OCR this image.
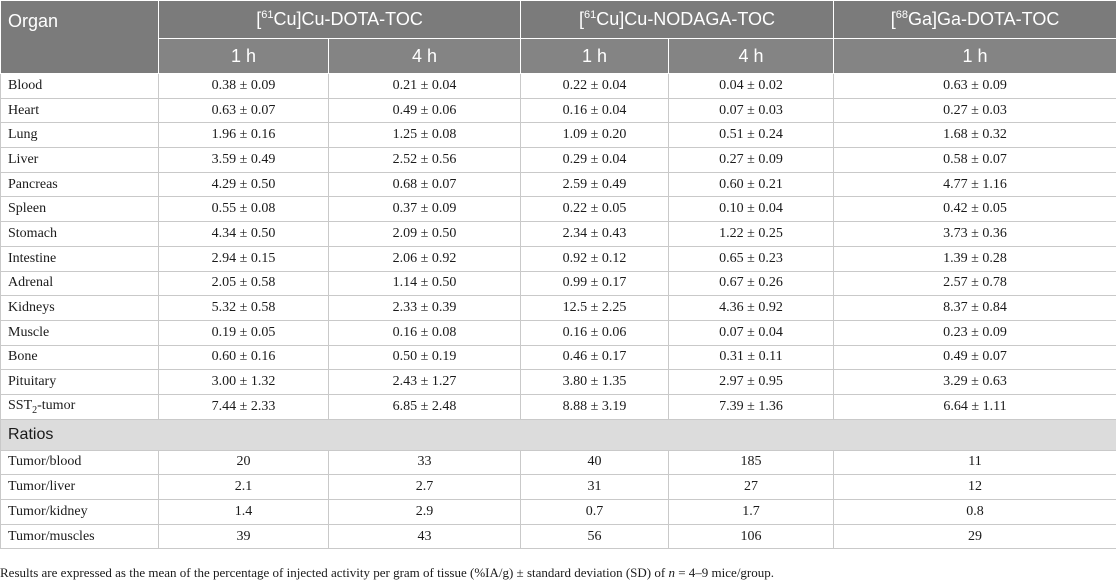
Organ	[$^{61}$Cu]Cu-DOTA-TOC		[$^{61}$Cu]Cu-NODAGA-TOC		[$^{68}$Ga]Ga-DOTA-TOC
	1 h	4 h	1 h	4 h	1 h
Blood	0.38 ± 0.09	0.21 ± 0.04	0.22 ± 0.04	0.04 ± 0.02	0.63 ± 0.09
Heart	0.63 ± 0.07	0.49 ± 0.06	0.16 ± 0.04	0.07 ± 0.03	0.27 ± 0.03
Lung	1.96 ± 0.16	1.25 ± 0.08	1.09 ± 0.20	0.51 ± 0.24	1.68 ± 0.32
Liver	3.59 ± 0.49	2.52 ± 0.56	0.29 ± 0.04	0.27 ± 0.09	0.58 ± 0.07
Pancreas	4.29 ± 0.50	0.68 ± 0.07	2.59 ± 0.49	0.60 ± 0.21	4.77 ± 1.16
Spleen	0.55 ± 0.08	0.37 ± 0.09	0.22 ± 0.05	0.10 ± 0.04	0.42 ± 0.05
Stomach	4.34 ± 0.50	2.09 ± 0.50	2.34 ± 0.43	1.22 ± 0.25	3.73 ± 0.36
Intestine	2.94 ± 0.15	2.06 ± 0.92	0.92 ± 0.12	0.65 ± 0.23	1.39 ± 0.28
Adrenal	2.05 ± 0.58	1.14 ± 0.50	0.99 ± 0.17	0.67 ± 0.26	2.57 ± 0.78
Kidneys	5.32 ± 0.58	2.33 ± 0.39	12.5 ± 2.25	4.36 ± 0.92	8.37 ± 0.84
Muscle	0.19 ± 0.05	0.16 ± 0.08	0.16 ± 0.06	0.07 ± 0.04	0.23 ± 0.09
Bone	0.60 ± 0.16	0.50 ± 0.19	0.46 ± 0.17	0.31 ± 0.11	0.49 ± 0.07
Pituitary	3.00 ± 1.32	2.43 ± 1.27	3.80 ± 1.35	2.97 ± 0.95	3.29 ± 0.63
$SST_2$-tumor	7.44 ± 2.33	6.85 ± 2.48	8.88 ± 3.19	7.39 ± 1.36	6.64 ± 1.11
Ratios					
Tumor/blood	20	33	40	185	11
Tumor/liver	2.1	2.7	31	27	12
Tumor/kidney	1.4	2.9	0.7	1.7	0.8
Tumor/muscles	39	43	56	106	29
Results are expressed as the mean of the percentage of injected activity per gram of tissue (%IA/g) ± standard deviation (SD) of n = 4–9 mice/group.
